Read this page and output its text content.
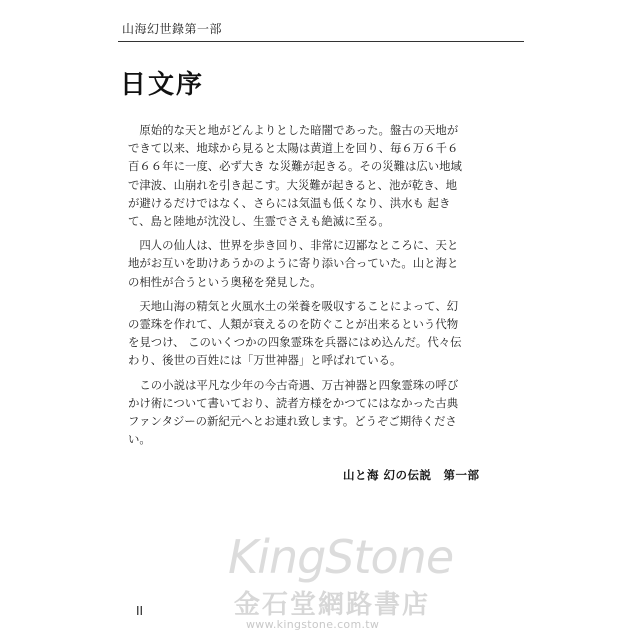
山海幻世錄第一部
日文序

原始的な天と地がどんよりとした暗闇であった。盤古の天地ができて以来、地球から見ると太陽は黄道上を回り、毎６万６千６百６６年に一度、必ず大き な災難が起きる。その災難は広い地域で津波、山崩れを引き起こす。大災難が起きると、池が乾き、地が避けるだけではなく、さらには気温も低くなり、洪水も 起きて、島と陸地が沈没し、生霊でさえも絶滅に至る。

四人の仙人は、世界を歩き回り、非常に辺鄙なところに、天と地がお互いを助けあうかのように寄り添い合っていた。山と海との相性が合うという奥秘を発見した。

天地山海の精気と火風水土の栄養を吸収することによって、幻の霊珠を作れて、人類が衰えるのを防ぐことが出来るという代物を見つけ、 このいくつかの四象霊珠を兵器にはめ込んだ。代々伝わり、後世の百姓には「万世神器」と呼ばれている。

この小説は平凡な少年の今古奇遇、万古神器と四象霊珠の呼びかけ術について書いており、読者方様をかつてにはなかった古典ファンタジーの新紀元へとお連れ致します。どうぞご期待ください。

山と海 幻の伝説　第一部
KingStone
金石堂網路書店
www.kingstone.com.tw
II
